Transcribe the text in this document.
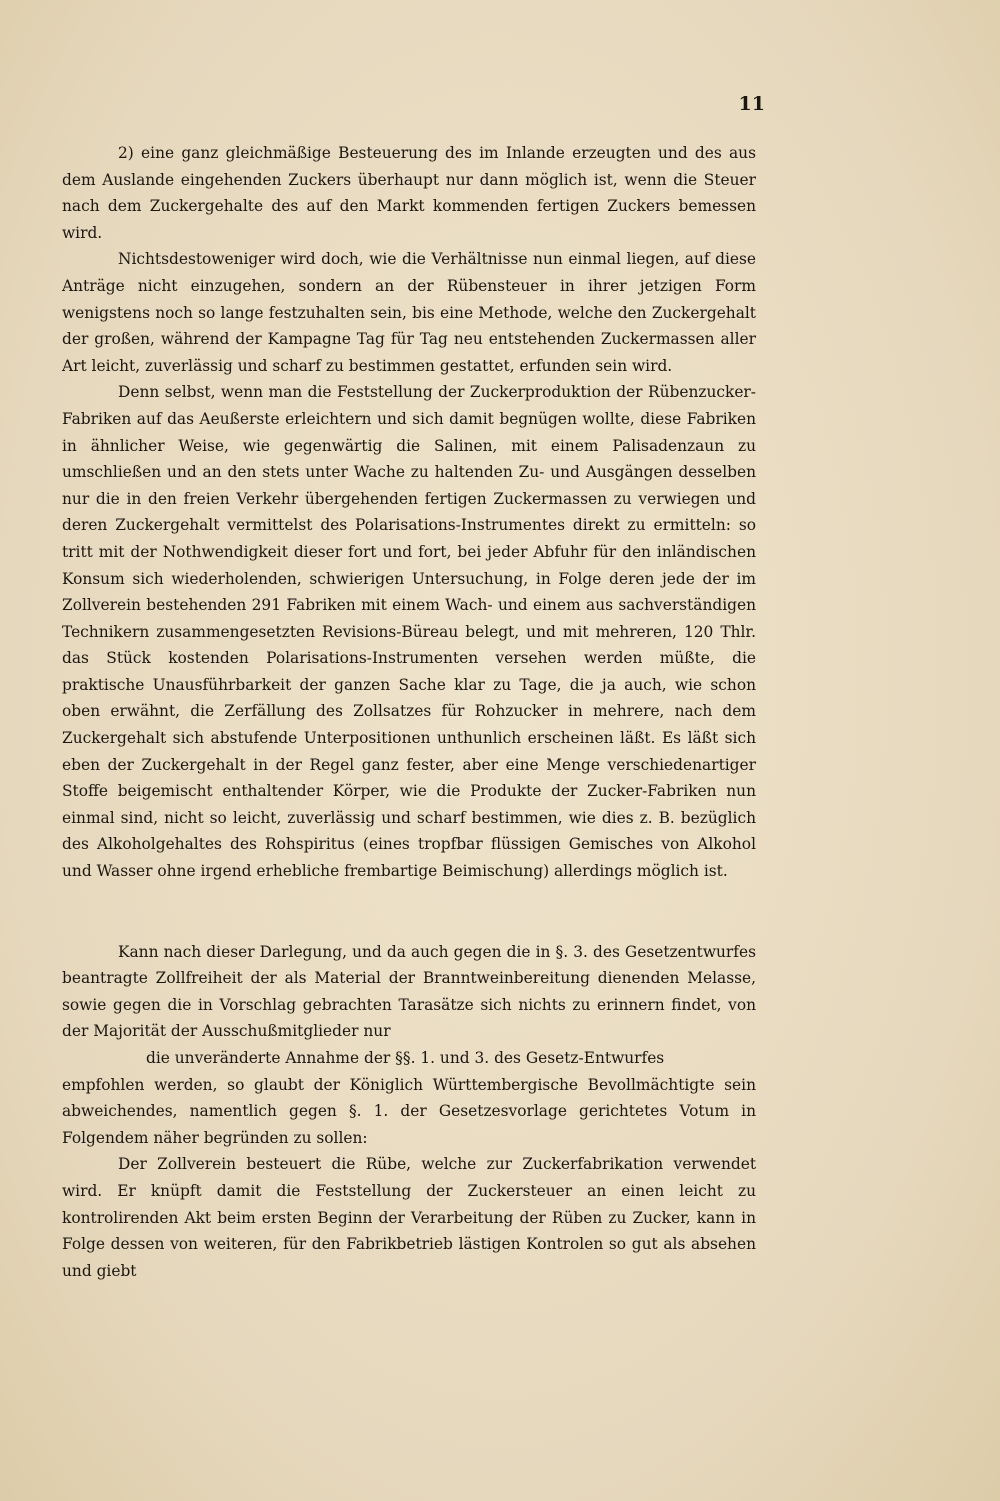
11

2) eine ganz gleichmäßige Besteuerung des im Inlande erzeugten und des aus dem Auslande eingehenden Zuckers überhaupt nur dann möglich ist, wenn die Steuer nach dem Zuckergehalte des auf den Markt kommenden fertigen Zuckers bemessen wird.

Nichtsdestoweniger wird doch, wie die Verhältnisse nun einmal liegen, auf diese Anträge nicht einzugehen, sondern an der Rübensteuer in ihrer jetzigen Form wenigstens noch so lange festzuhalten sein, bis eine Methode, welche den Zuckergehalt der großen, während der Kampagne Tag für Tag neu entstehenden Zuckermassen aller Art leicht, zuverlässig und scharf zu bestimmen gestattet, erfunden sein wird.

Denn selbst, wenn man die Feststellung der Zuckerproduktion der Rübenzucker-Fabriken auf das Aeußerste erleichtern und sich damit begnügen wollte, diese Fabriken in ähnlicher Weise, wie gegenwärtig die Salinen, mit einem Palisadenzaun zu umschließen und an den stets unter Wache zu haltenden Zu- und Ausgängen desselben nur die in den freien Verkehr übergehenden fertigen Zuckermassen zu verwiegen und deren Zuckergehalt vermittelst des Polarisations-Instrumentes direkt zu ermitteln: so tritt mit der Nothwendigkeit dieser fort und fort, bei jeder Abfuhr für den inländischen Konsum sich wiederholenden, schwierigen Untersuchung, in Folge deren jede der im Zollverein bestehenden 291 Fabriken mit einem Wach- und einem aus sachverständigen Technikern zusammengesetzten Revisions-Büreau belegt, und mit mehreren, 120 Thlr. das Stück kostenden Polarisations-Instrumenten versehen werden müßte, die praktische Unausführbarkeit der ganzen Sache klar zu Tage, die ja auch, wie schon oben erwähnt, die Zerfällung des Zollsatzes für Rohzucker in mehrere, nach dem Zuckergehalt sich abstufende Unterpositionen unthunlich erscheinen läßt. Es läßt sich eben der Zuckergehalt in der Regel ganz fester, aber eine Menge verschiedenartiger Stoffe beigemischt enthaltender Körper, wie die Produkte der Zucker-Fabriken nun einmal sind, nicht so leicht, zuverlässig und scharf bestimmen, wie dies z. B. bezüglich des Alkoholgehaltes des Rohspiritus (eines tropfbar flüssigen Gemisches von Alkohol und Wasser ohne irgend erhebliche frembartige Beimischung) allerdings möglich ist.

Kann nach dieser Darlegung, und da auch gegen die in §. 3. des Gesetzentwurfes beantragte Zollfreiheit der als Material der Branntweinbereitung dienenden Melasse, sowie gegen die in Vorschlag gebrachten Tarasätze sich nichts zu erinnern findet, von der Majorität der Ausschußmitglieder nur

die unveränderte Annahme der §§. 1. und 3. des Gesetz-Entwurfes

empfohlen werden, so glaubt der Königlich Württembergische Bevollmächtigte sein abweichendes, namentlich gegen §. 1. der Gesetzesvorlage gerichtetes Votum in Folgendem näher begründen zu sollen:

Der Zollverein besteuert die Rübe, welche zur Zuckerfabrikation verwendet wird. Er knüpft damit die Feststellung der Zuckersteuer an einen leicht zu kontrolirenden Akt beim ersten Beginn der Verarbeitung der Rüben zu Zucker, kann in Folge dessen von weiteren, für den Fabrikbetrieb lästigen Kontrolen so gut als absehen und giebt
